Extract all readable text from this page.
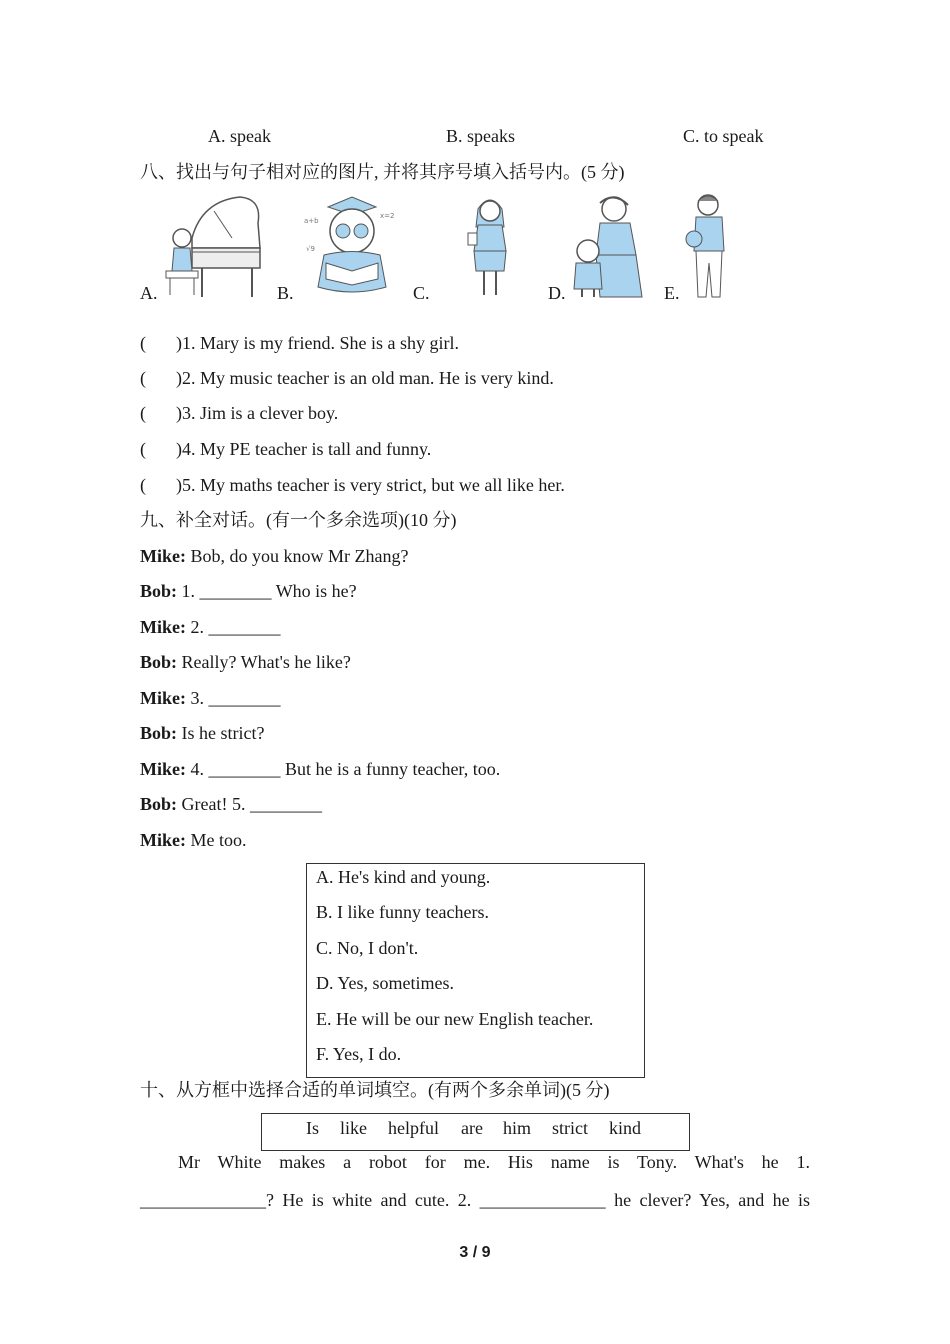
A. speak	B. speaks	C. to speak
八、找出与句子相对应的图片, 并将其序号填入括号内。(5 分)
A.	B.
a+b
x=2
√9
C.	D.	E.
( )1. Mary is my friend. She is a shy girl.
( )2. My music teacher is an old man. He is very kind.
( )3. Jim is a clever boy.
( )4. My PE teacher is tall and funny.
( )5. My maths teacher is very strict, but we all like her.
九、补全对话。(有一个多余选项)(10 分)
Mike: Bob, do you know Mr Zhang?
Bob: 1. ________ Who is he?
Mike: 2. ________
Bob: Really? What's he like?
Mike: 3. ________
Bob: Is he strict?
Mike: 4. ________ But he is a funny teacher, too.
Bob: Great! 5. ________
Mike: Me too.
A. He's kind and young.
B. I like funny teachers.
C. No, I don't.
D. Yes, sometimes.
E. He will be our new English teacher.
F. Yes, I do.
十、从方框中选择合适的单词填空。(有两个多余单词)(5 分)
Is like helpful are him strict kind
Mr White makes a robot for me. His name is Tony. What's he 1.
______________? He is white and cute. 2. ______________ he clever? Yes, and he is
3 / 9
